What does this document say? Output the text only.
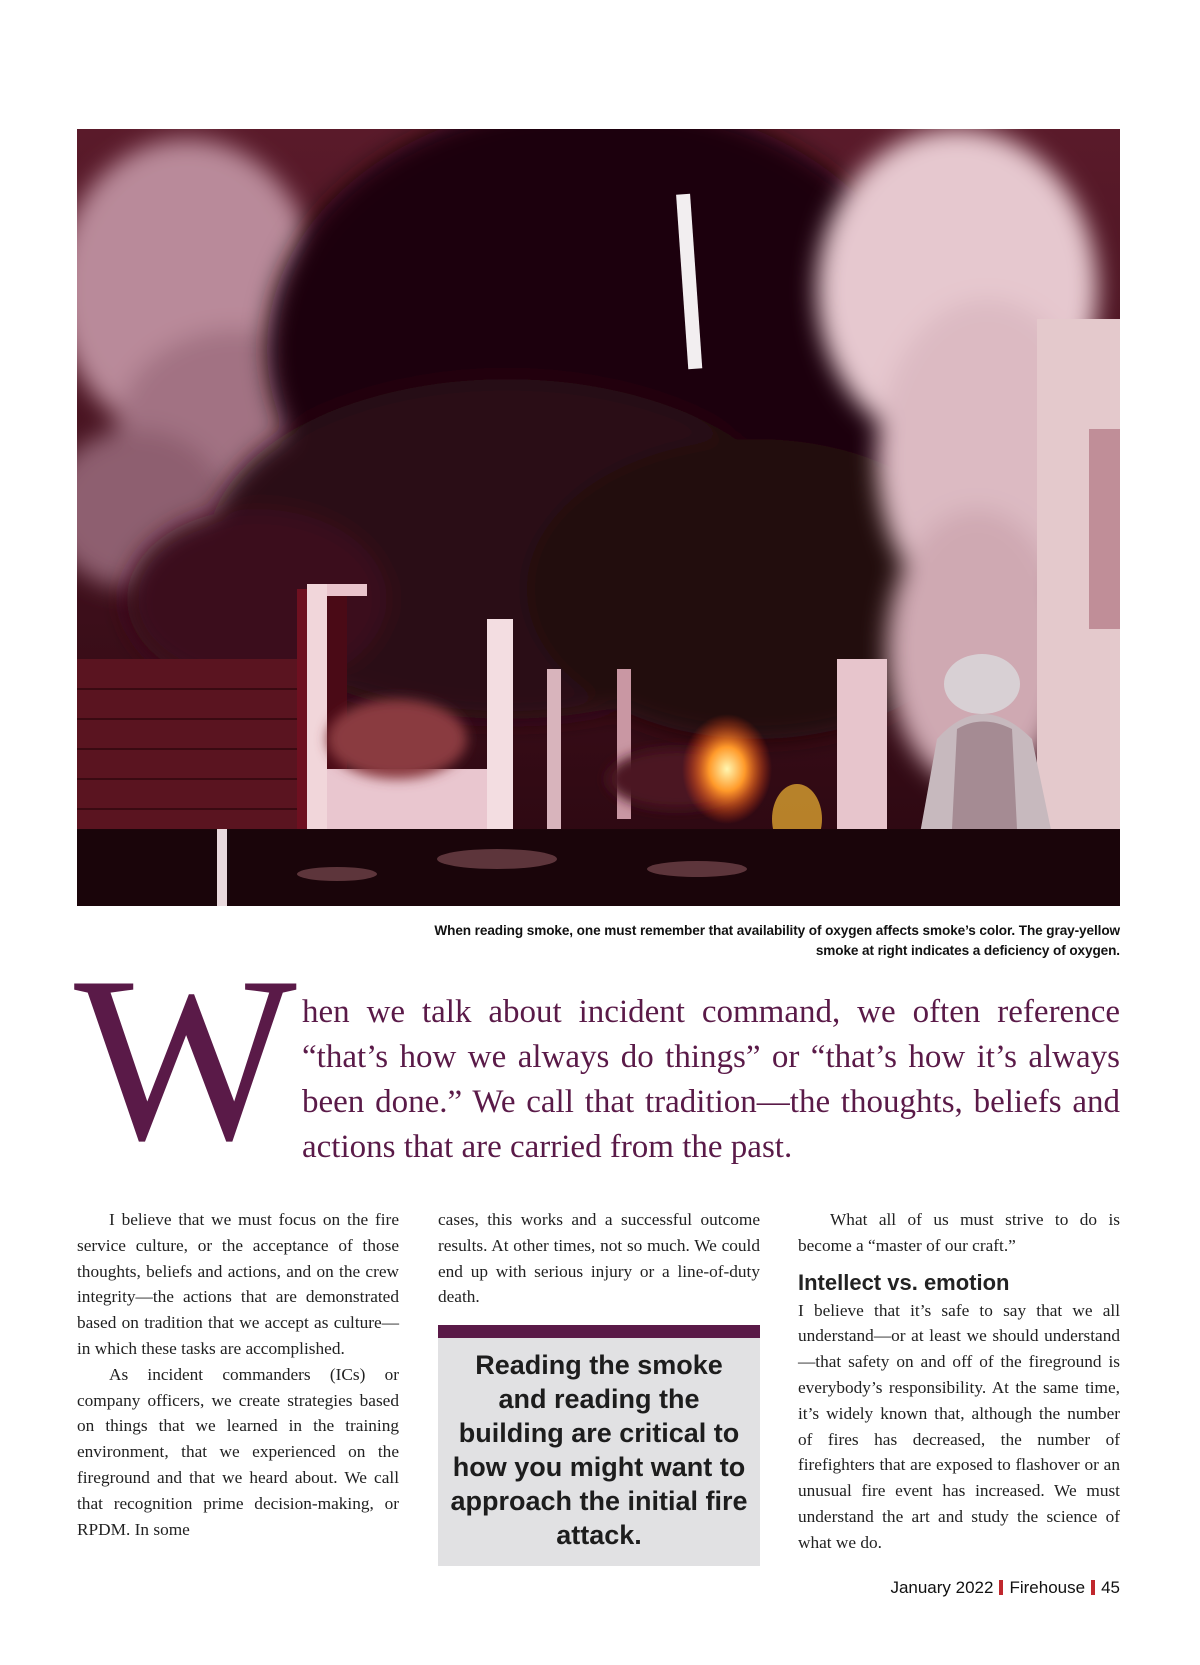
When reading smoke, one must remember that availability of oxygen affects smoke’s color. The gray-yellow smoke at right indicates a deficiency of oxygen.
W hen we talk about incident command, we often reference “that’s how we always do things” or “that’s how it’s always been done.” We call that tradition—the thoughts, beliefs and actions that are carried from the past.

I believe that we must focus on the fire service culture, or the acceptance of those thoughts, beliefs and actions, and on the crew integrity—the actions that are demonstrated based on tradition that we accept as culture—in which these tasks are accomplished.

As incident commanders (ICs) or company officers, we create strategies based on things that we learned in the training environment, that we experienced on the fireground and that we heard about. We call that recognition prime decision-making, or RPDM. In some

cases, this works and a successful outcome results. At other times, not so much. We could end up with serious injury or a line-of-duty death.

Reading the smoke and reading the building are critical to how you might want to approach the initial fire attack.

What all of us must strive to do is become a “master of our craft.”

Intellect vs. emotion

I believe that it’s safe to say that we all understand—or at least we should understand—that safety on and off of the fireground is everybody’s responsibility. At the same time, it’s widely known that, although the number of fires has decreased, the number of firefighters that are exposed to flashover or an unusual fire event has increased. We must understand the art and study the science of what we do.

January 2022 Firehouse 45
